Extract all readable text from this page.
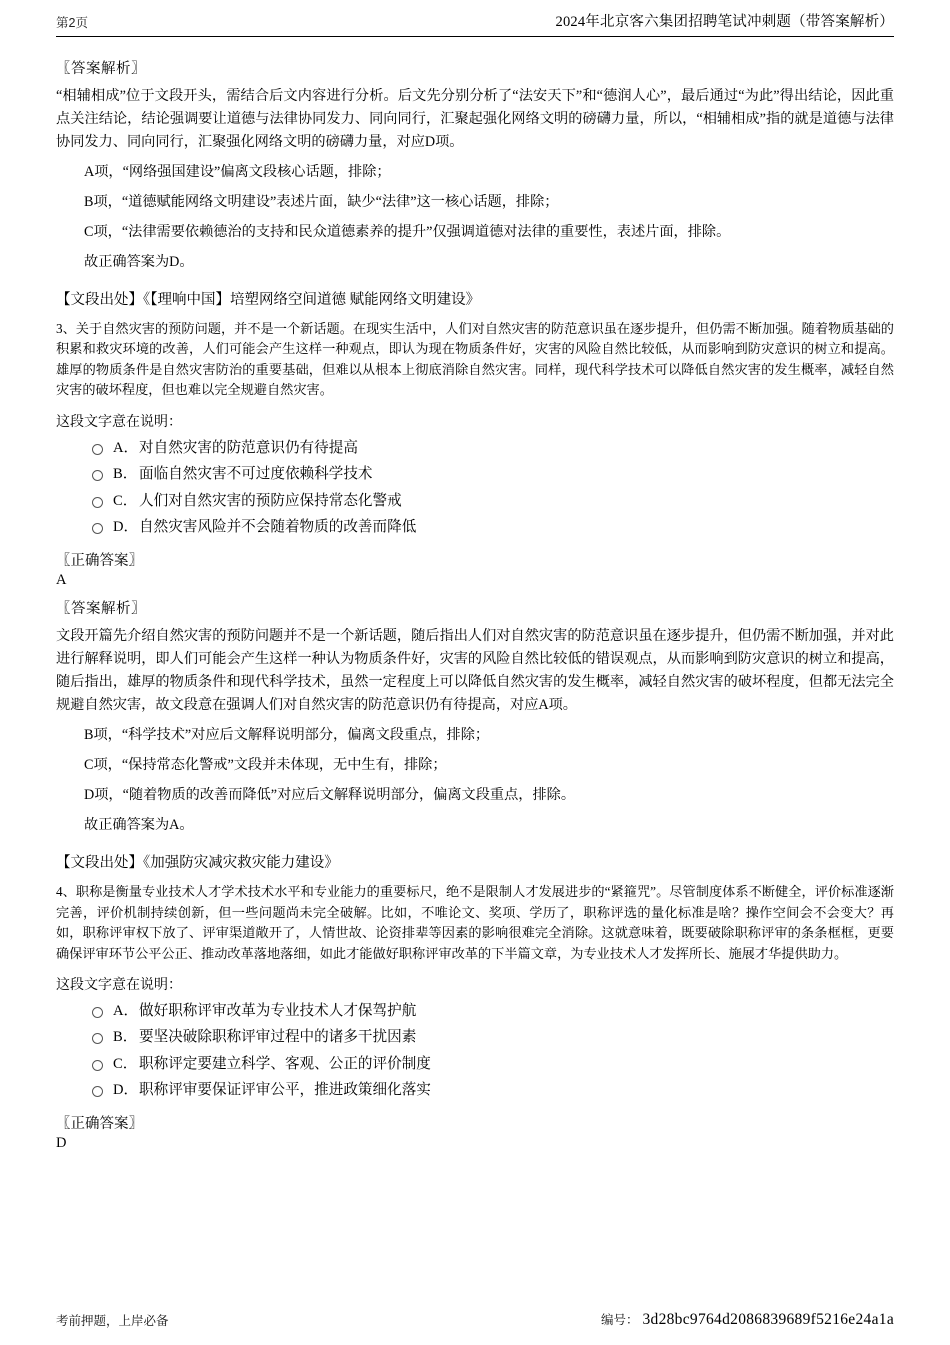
第2页	2024年北京客六集团招聘笔试冲刺题（带答案解析）
〖答案解析〗
“相辅相成”位于文段开头，需结合后文内容进行分析。后文先分别分析了“法安天下”和“德润人心”，最后通过“为此”得出结论，因此重点关注结论，结论强调要让道德与法律协同发力、同向同行，汇聚起强化网络文明的磅礴力量，所以，“相辅相成”指的就是道德与法律协同发力、同向同行，汇聚强化网络文明的磅礴力量，对应D项。
A项，“网络强国建设”偏离文段核心话题，排除；
B项，“道德赋能网络文明建设”表述片面，缺少“法律”这一核心话题，排除；
C项，“法律需要依赖德治的支持和民众道德素养的提升”仅强调道德对法律的重要性，表述片面，排除。
故正确答案为D。
【文段出处】《【理响中国】培塑网络空间道德 赋能网络文明建设》
3、关于自然灾害的预防问题，并不是一个新话题。在现实生活中，人们对自然灾害的防范意识虽在逐步提升，但仍需不断加强。随着物质基础的积累和救灾环境的改善，人们可能会产生这样一种观点，即认为现在物质条件好，灾害的风险自然比较低，从而影响到防灾意识的树立和提高。雄厚的物质条件是自然灾害防治的重要基础，但难以从根本上彻底消除自然灾害。同样，现代科学技术可以降低自然灾害的发生概率，减轻自然灾害的破坏程度，但也难以完全规避自然灾害。
这段文字意在说明：
A． 对自然灾害的防范意识仍有待提高
B． 面临自然灾害不可过度依赖科学技术
C． 人们对自然灾害的预防应保持常态化警戒
D． 自然灾害风险并不会随着物质的改善而降低
〖正确答案〗
A
〖答案解析〗
文段开篇先介绍自然灾害的预防问题并不是一个新话题，随后指出人们对自然灾害的防范意识虽在逐步提升，但仍需不断加强，并对此进行解释说明，即人们可能会产生这样一种认为物质条件好，灾害的风险自然比较低的错误观点，从而影响到防灾意识的树立和提高，随后指出，雄厚的物质条件和现代科学技术，虽然一定程度上可以降低自然灾害的发生概率，减轻自然灾害的破坏程度，但都无法完全规避自然灾害，故文段意在强调人们对自然灾害的防范意识仍有待提高，对应A项。
B项，“科学技术”对应后文解释说明部分，偏离文段重点，排除；
C项，“保持常态化警戒”文段并未体现，无中生有，排除；
D项，“随着物质的改善而降低”对应后文解释说明部分，偏离文段重点，排除。
故正确答案为A。
【文段出处】《加强防灾减灾救灾能力建设》
4、职称是衡量专业技术人才学术技术水平和专业能力的重要标尺，绝不是限制人才发展进步的“紧箍咒”。尽管制度体系不断健全，评价标准逐渐完善，评价机制持续创新，但一些问题尚未完全破解。比如，不唯论文、奖项、学历了，职称评选的量化标准是啥？操作空间会不会变大？再如，职称评审权下放了、评审渠道敞开了，人情世故、论资排辈等因素的影响很难完全消除。这就意味着，既要破除职称评审的条条框框，更要确保评审环节公平公正、推动改革落地落细，如此才能做好职称评审改革的下半篇文章，为专业技术人才发挥所长、施展才华提供助力。
这段文字意在说明：
A． 做好职称评审改革为专业技术人才保驾护航
B． 要坚决破除职称评审过程中的诸多干扰因素
C． 职称评定要建立科学、客观、公正的评价制度
D． 职称评审要保证评审公平，推进政策细化落实
〖正确答案〗
D
考前押题，上岸必备	编号： 3d28bc9764d2086839689f5216e24a1a
